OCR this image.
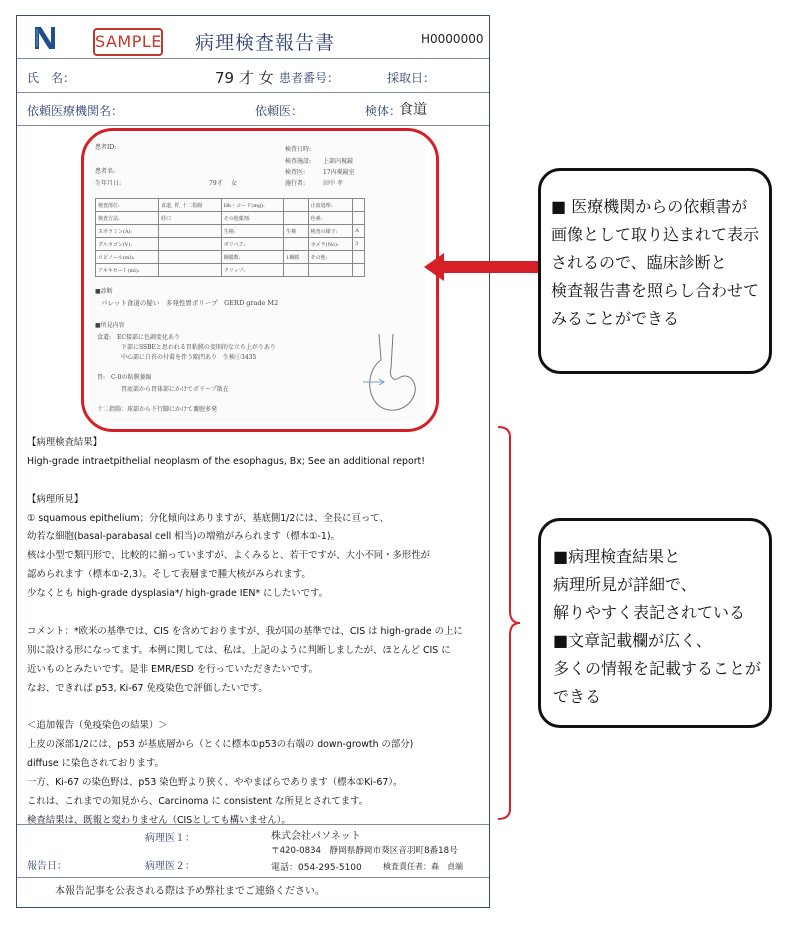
SAMPLE 病理検査報告書	H0000000
氏　名：	79 才 女 患者番号：	採取日：
依頼医療機関名：	依頼医：	検体：
食道
患者ID:
患者名:
生年月日:	79才 女
検査日時:
検査施設: 上部内視鏡
検査医:	17内視鏡室
施行者:	田中 孝
検査部位:	食道, 胃, 十二指腸	Hb・コード(mg):		止血処理:	
検査方法:	経口	その他薬剤:		色素:	
スポラミン(A):		生検:	生検	検査の様子:	A
グルカゴン(V):		ポリペク:		カメラ(No):	3
ロピノール(ml):		鋼膜数:	1鋼膜	その他:	
アネキセート(ml):		クリップ:			
■診断
バレット食道の疑い　多発性胃ポリープ　GERD grade M2
■所見内容
食道:　EC接部に色調変化あり
下部にSSBEと思われる胃粘膜の変則的な立ち上がりあり
中心部に白苔の付着を伴う陥凹あり　生検①3435
胃:　C-0の粘膜萎縮
胃底部から胃体部にかけてポリープ散在
十二指腸：球部から下行脚にかけて嚢胞多発
【病理検査結果】
High-grade intraetpithelial neoplasm of the esophagus, Bx; See an additional report!
【病理所見】
① squamous epithelium；分化傾向はありますが、基底側1/2には、全長に亘って、
幼若な細胞(basal-parabasal cell 相当)の増殖がみられます（標本①-1)。
核は小型で類円形で、比較的に揃っていますが、よくみると、若干ですが、大小不同・多形性が
認められます（標本①-2,3）。そして表層まで腫大核がみられます。
少なくとも high-grade dysplasia*/ high-grade IEN* にしたいです。
コメント：*欧米の基準では、CIS を含めておりますが、我が国の基準では、CIS は high-grade の上に
別に設ける形になってます。本例に関しては、私は、上記のように判断しましたが、ほとんど CIS に
近いものとみたいです。是非 EMR/ESD を行っていただきたいです。
なお、できれば p53, Ki-67 免疫染色で評価したいです。
＜追加報告（免疫染色の結果）＞
上皮の深部1/2には、p53 が基底層から（とくに標本①p53の右端の down-growth の部分)
diffuse に染色されております。
一方、Ki-67 の染色野は、p53 染色野より狭く、ややまばらであります（標本①Ki-67）。
これは、これまでの知見から、Carcinoma に consistent な所見とされてます。
検査結果は、既報と変わりません（CISとしても構いません）。
病理医１：
病理医２：
報告日：
株式会社パソネット
〒420-0834　静岡県静岡市葵区音羽町8番18号
電話：054-295-5100	検査責任者：森　貞端
本報告記事を公表される際は予め弊社までご連絡ください。
■ 医療機関からの依頼書が
画像として取り込まれて表示
されるので、臨床診断と
検査報告書を照らし合わせて
みることができる
■病理検査結果と
病理所見が詳細で、
解りやすく表記されている
■文章記載欄が広く、
多くの情報を記載することが
できる
